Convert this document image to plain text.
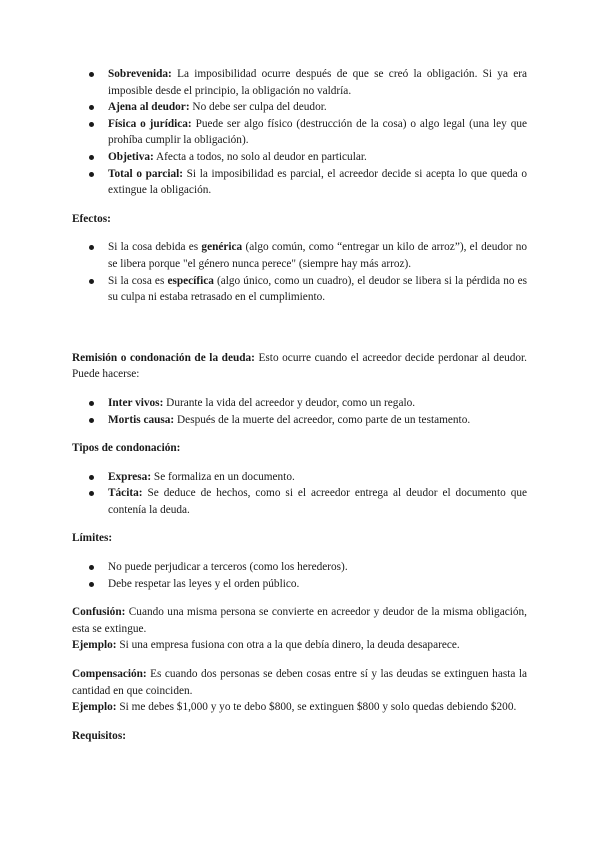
Sobrevenida: La imposibilidad ocurre después de que se creó la obligación. Si ya era imposible desde el principio, la obligación no valdría.
Ajena al deudor: No debe ser culpa del deudor.
Física o jurídica: Puede ser algo físico (destrucción de la cosa) o algo legal (una ley que prohíba cumplir la obligación).
Objetiva: Afecta a todos, no solo al deudor en particular.
Total o parcial: Si la imposibilidad es parcial, el acreedor decide si acepta lo que queda o extingue la obligación.

Efectos:

Si la cosa debida es genérica (algo común, como “entregar un kilo de arroz”), el deudor no se libera porque "el género nunca perece" (siempre hay más arroz).
Si la cosa es específica (algo único, como un cuadro), el deudor se libera si la pérdida no es su culpa ni estaba retrasado en el cumplimiento.

Remisión o condonación de la deuda: Esto ocurre cuando el acreedor decide perdonar al deudor. Puede hacerse:

Inter vivos: Durante la vida del acreedor y deudor, como un regalo.
Mortis causa: Después de la muerte del acreedor, como parte de un testamento.

Tipos de condonación:

Expresa: Se formaliza en un documento.
Tácita: Se deduce de hechos, como si el acreedor entrega al deudor el documento que contenía la deuda.

Límites:

No puede perjudicar a terceros (como los herederos).
Debe respetar las leyes y el orden público.

Confusión: Cuando una misma persona se convierte en acreedor y deudor de la misma obligación, esta se extingue.

Ejemplo: Si una empresa fusiona con otra a la que debía dinero, la deuda desaparece.

Compensación: Es cuando dos personas se deben cosas entre sí y las deudas se extinguen hasta la cantidad en que coinciden.

Ejemplo: Si me debes $1,000 y yo te debo $800, se extinguen $800 y solo quedas debiendo $200.

Requisitos:
